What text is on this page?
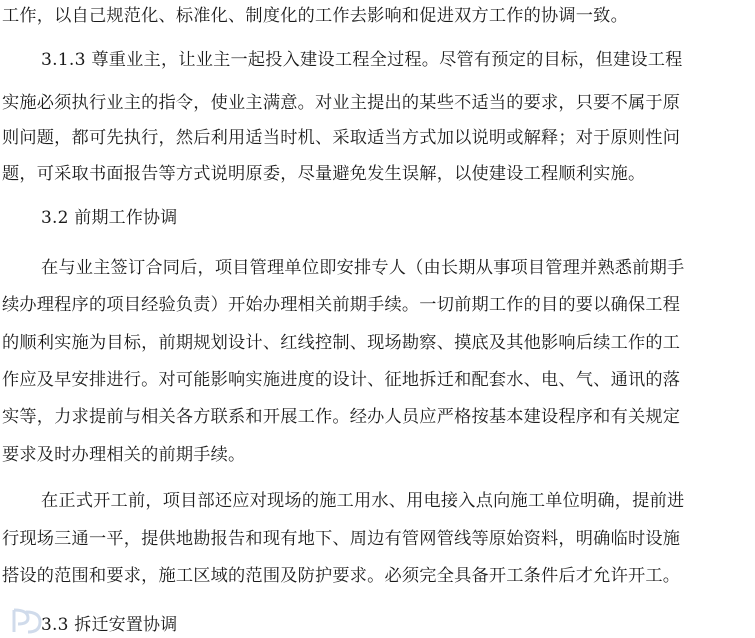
工作，以自己规范化、标准化、制度化的工作去影响和促进双方工作的协调一致。
3.1.3 尊重业主，让业主一起投入建设工程全过程。尽管有预定的目标，但建设工程
实施必须执行业主的指令，使业主满意。对业主提出的某些不适当的要求，只要不属于原
则问题，都可先执行，然后利用适当时机、采取适当方式加以说明或解释；对于原则性问
题，可采取书面报告等方式说明原委，尽量避免发生误解，以使建设工程顺利实施。
3.2 前期工作协调
在与业主签订合同后，项目管理单位即安排专人（由长期从事项目管理并熟悉前期手
续办理程序的项目经验负责）开始办理相关前期手续。一切前期工作的目的要以确保工程
的顺利实施为目标，前期规划设计、红线控制、现场勘察、摸底及其他影响后续工作的工
作应及早安排进行。对可能影响实施进度的设计、征地拆迁和配套水、电、气、通讯的落
实等，力求提前与相关各方联系和开展工作。经办人员应严格按基本建设程序和有关规定
要求及时办理相关的前期手续。
在正式开工前，项目部还应对现场的施工用水、用电接入点向施工单位明确，提前进
行现场三通一平，提供地勘报告和现有地下、周边有管网管线等原始资料，明确临时设施
搭设的范围和要求，施工区域的范围及防护要求。必须完全具备开工条件后才允许开工。
3.3 拆迁安置协调
